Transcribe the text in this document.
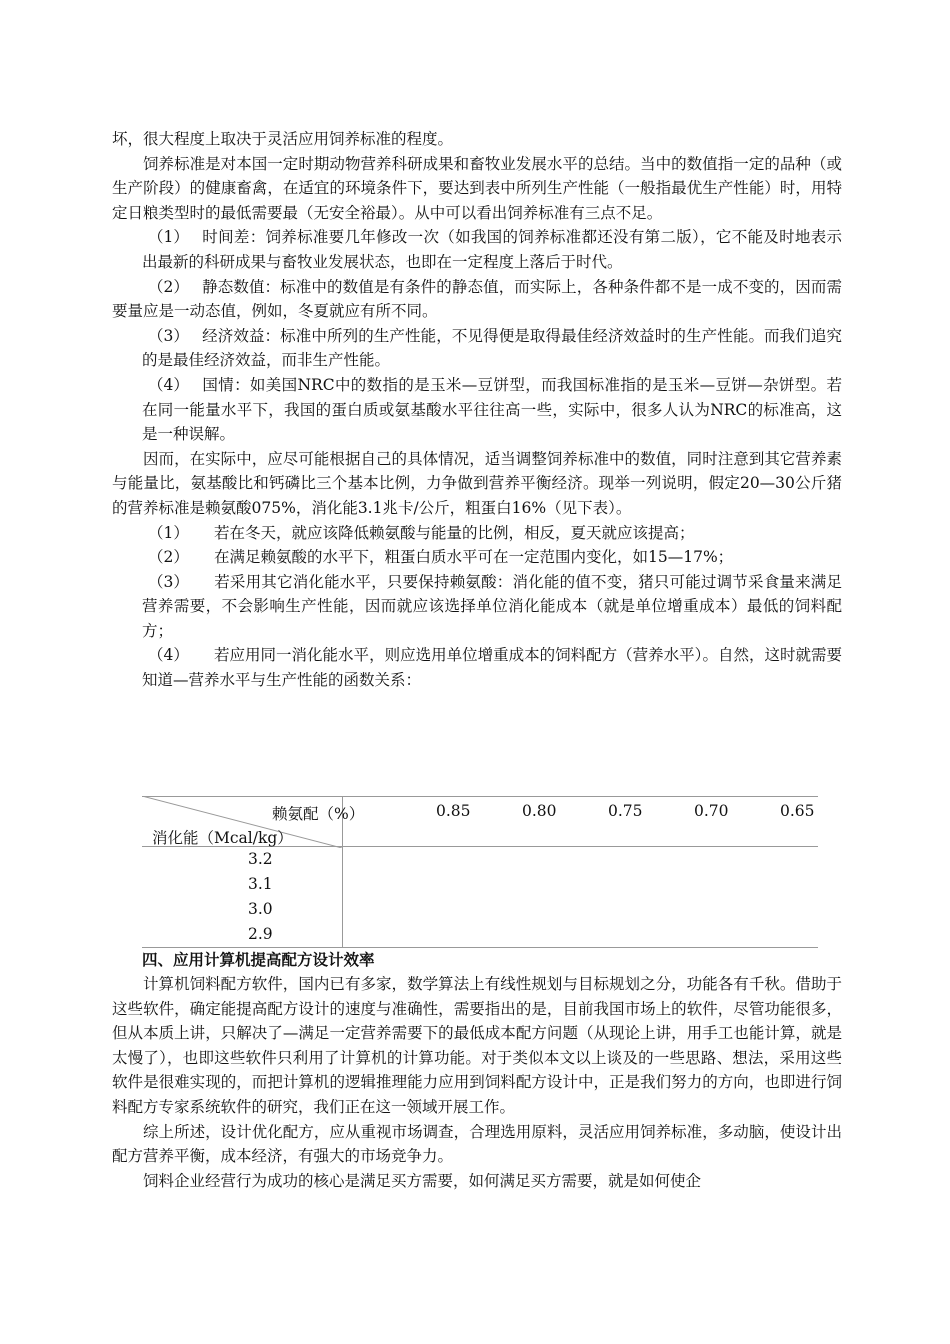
坏，很大程度上取决于灵活应用饲养标准的程度。

饲养标准是对本国一定时期动物营养科研成果和畜牧业发展水平的总结。当中的数值指一定的品种（或生产阶段）的健康畜禽，在适宜的环境条件下，要达到表中所列生产性能（一般指最优生产性能）时，用特定日粮类型时的最低需要最（无安全裕最）。从中可以看出饲养标准有三点不足。

（1） 时间差：饲养标准要几年修改一次（如我国的饲养标准都还没有第二版），它不能及时地表示出最新的科研成果与畜牧业发展状态，也即在一定程度上落后于时代。

（2） 静态数值：标准中的数值是有条件的静态值，而实际上，各种条件都不是一成不变的，因而需要量应是一动态值，例如，冬夏就应有所不同。

（3） 经济效益：标准中所列的生产性能，不见得便是取得最佳经济效益时的生产性能。而我们追究的是最佳经济效益，而非生产性能。

（4） 国情：如美国NRC中的数指的是玉米—豆饼型，而我国标准指的是玉米—豆饼—杂饼型。若在同一能量水平下，我国的蛋白质或氨基酸水平往往高一些，实际中，很多人认为NRC的标准高，这是一种误解。

因而，在实际中，应尽可能根据自己的具体情况，适当调整饲养标准中的数值，同时注意到其它营养素与能量比，氨基酸比和钙磷比三个基本比例，力争做到营养平衡经济。现举一列说明，假定20—30公斤猪的营养标准是赖氨酸075%，消化能3.1兆卡/公斤，粗蛋白16%（见下表）。

（1） 若在冬天，就应该降低赖氨酸与能量的比例，相反，夏天就应该提高；

（2） 在满足赖氨酸的水平下，粗蛋白质水平可在一定范围内变化，如15—17%；

（3） 若采用其它消化能水平，只要保持赖氨酸：消化能的值不变，猪只可能过调节采食量来满足营养需要，不会影响生产性能，因而就应该选择单位消化能成本（就是单位增重成本）最低的饲料配方；

（4） 若应用同一消化能水平，则应选用单位增重成本的饲料配方（营养水平）。自然，这时就需要知道—营养水平与生产性能的函数关系：

赖氨配（%）
消化能（Mcal/kg）
0.85	0.80	0.75	0.70	0.65
3.2
3.1
3.0
2.9
四、应用计算机提高配方设计效率

计算机饲料配方软件，国内已有多家，数学算法上有线性规划与目标规划之分，功能各有千秋。借助于这些软件，确定能提高配方设计的速度与准确性，需要指出的是，目前我国市场上的软件，尽管功能很多，但从本质上讲，只解决了—满足一定营养需要下的最低成本配方问题（从现论上讲，用手工也能计算，就是太慢了），也即这些软件只利用了计算机的计算功能。对于类似本文以上谈及的一些思路、想法，采用这些软件是很难实现的，而把计算机的逻辑推理能力应用到饲料配方设计中，正是我们努力的方向，也即进行饲料配方专家系统软件的研究，我们正在这一领域开展工作。

综上所述，设计优化配方，应从重视市场调查，合理选用原料，灵活应用饲养标准，多动脑，使设计出配方营养平衡，成本经济，有强大的市场竞争力。

饲料企业经营行为成功的核心是满足买方需要，如何满足买方需要，就是如何使企
